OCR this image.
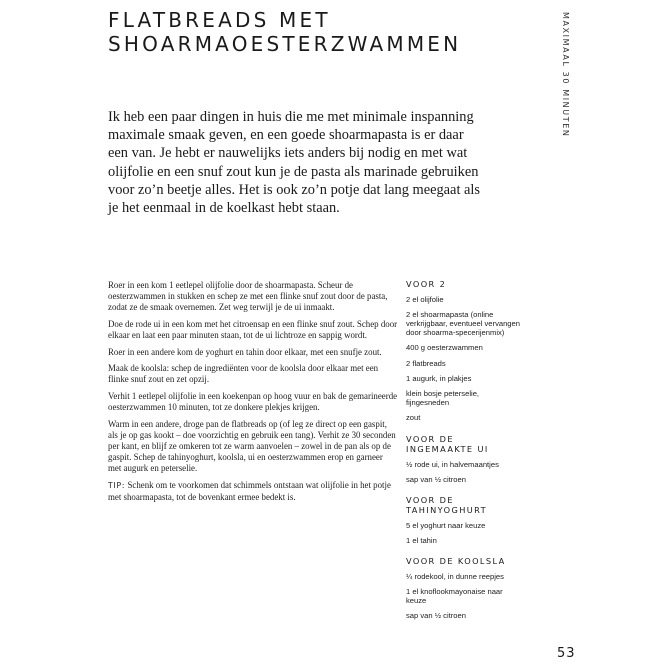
FLATBREADS MET
SHOARMAOESTERZWAMMEN	MAXIMAAL 30 MINUTEN

Ik heb een paar dingen in huis die me met minimale inspanning maximale smaak geven, en een goede shoarmapasta is er daar een van. Je hebt er nauwelijks iets anders bij nodig en met wat olijfolie en een snuf zout kun je de pasta als marinade gebruiken voor zo’n beetje alles. Het is ook zo’n potje dat lang meegaat als je het eenmaal in de koelkast hebt staan.

Roer in een kom 1 eetlepel olijfolie door de shoarmapasta. Scheur de oesterzwammen in stukken en schep ze met een flinke snuf zout door de pasta, zodat ze de smaak overnemen. Zet weg terwijl je de ui inmaakt.

Doe de rode ui in een kom met het citroensap en een flinke snuf zout. Schep door elkaar en laat een paar minuten staan, tot de ui lichtroze en sappig wordt.

Roer in een andere kom de yoghurt en tahin door elkaar, met een snufje zout.

Maak de koolsla: schep de ingrediënten voor de koolsla door elkaar met een flinke snuf zout en zet opzij.

Verhit 1 eetlepel olijfolie in een koekenpan op hoog vuur en bak de gemarineerde oesterzwammen 10 minuten, tot ze donkere plekjes krijgen.

Warm in een andere, droge pan de flatbreads op (of leg ze direct op een gaspit, als je op gas kookt – doe voorzichtig en gebruik een tang). Verhit ze 30 seconden per kant, en blijf ze omkeren tot ze warm aanvoelen – zowel in de pan als op de gaspit. Schep de tahinyoghurt, koolsla, ui en oesterzwammen erop en garneer met augurk en peterselie.

TIP: Schenk om te voorkomen dat schimmels ontstaan wat olijfolie in het potje met shoarmapasta, tot de bovenkant ermee bedekt is.

VOOR 2
2 el olijfolie
2 el shoarmapasta (online verkrijgbaar, eventueel vervangen door shoarma-specerijenmix)
400 g oesterzwammen
2 flatbreads
1 augurk, in plakjes
klein bosje peterselie, fijngesneden
zout
VOOR DE INGEMAAKTE UI
½ rode ui, in halvemaantjes
sap van ½ citroen
VOOR DE TAHINYOGHURT
5 el yoghurt naar keuze
1 el tahin
VOOR DE KOOLSLA
¼ rodekool, in dunne reepjes
1 el knoflookmayonaise naar keuze
sap van ½ citroen
53
